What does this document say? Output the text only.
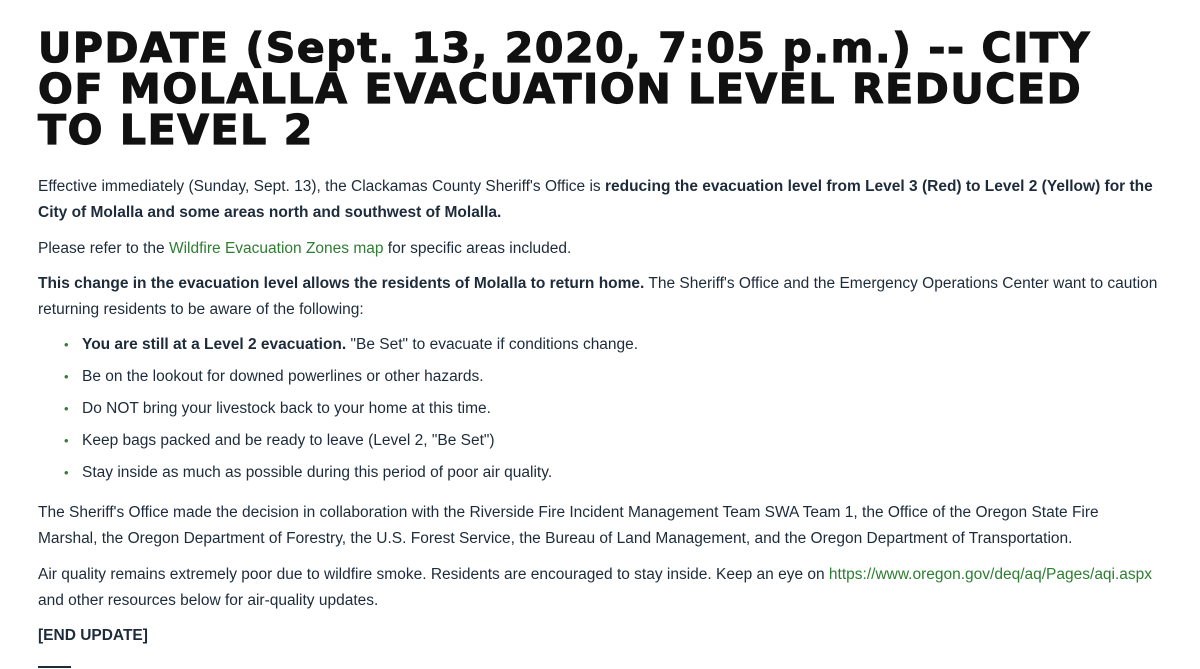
UPDATE (Sept. 13, 2020, 7:05 p.m.) -- CITY OF MOLALLA EVACUATION LEVEL REDUCED TO LEVEL 2

Effective immediately (Sunday, Sept. 13), the Clackamas County Sheriff's Office is reducing the evacuation level from Level 3 (Red) to Level 2 (Yellow) for the City of Molalla and some areas north and southwest of Molalla.

Please refer to the Wildfire Evacuation Zones map for specific areas included.

This change in the evacuation level allows the residents of Molalla to return home. The Sheriff's Office and the Emergency Operations Center want to caution returning residents to be aware of the following:

• You are still at a Level 2 evacuation. "Be Set" to evacuate if conditions change.
• Be on the lookout for downed powerlines or other hazards.
• Do NOT bring your livestock back to your home at this time.
• Keep bags packed and be ready to leave (Level 2, "Be Set")
• Stay inside as much as possible during this period of poor air quality.

The Sheriff's Office made the decision in collaboration with the Riverside Fire Incident Management Team SWA Team 1, the Office of the Oregon State Fire Marshal, the Oregon Department of Forestry, the U.S. Forest Service, the Bureau of Land Management, and the Oregon Department of Transportation.

Air quality remains extremely poor due to wildfire smoke. Residents are encouraged to stay inside. Keep an eye on https://www.oregon.gov/deq/aq/Pages/aqi.aspx and other resources below for air-quality updates.

[END UPDATE]
